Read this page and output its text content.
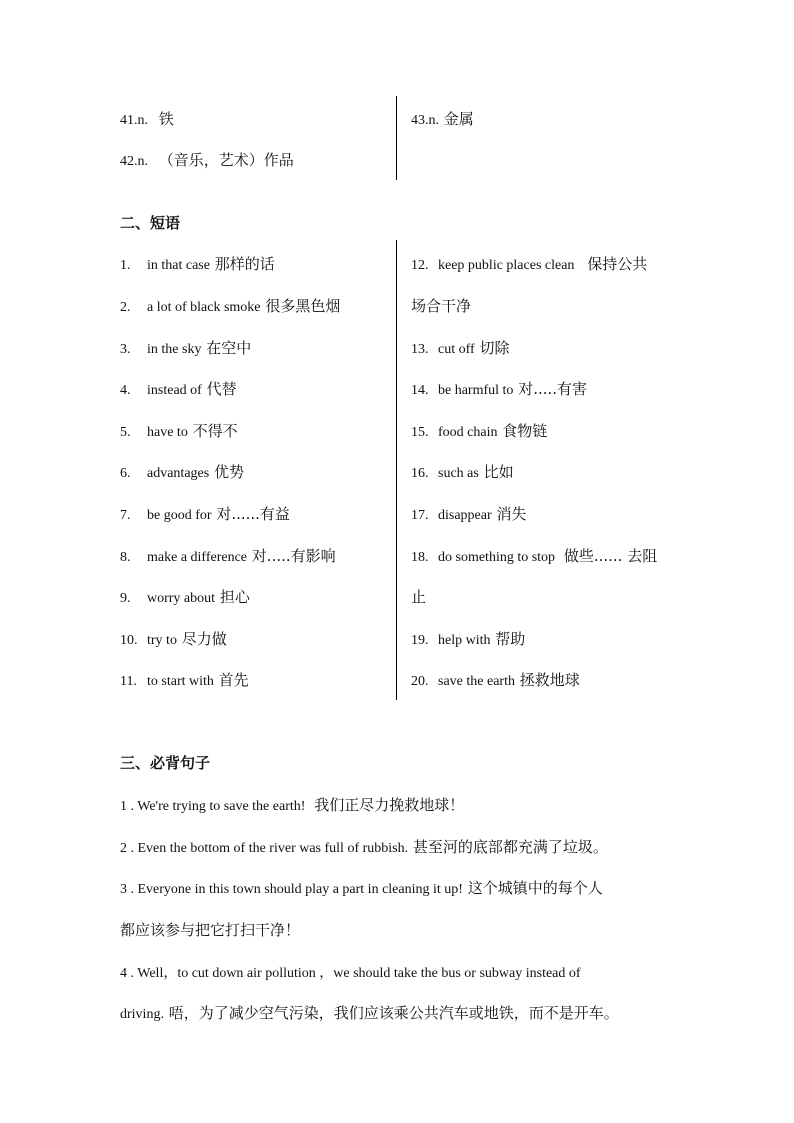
41.n. 铁
42.n. （音乐，艺术）作品
43.n. 金属
二、短语
1. in that case 那样的话
2. a lot of black smoke 很多黑色烟
3. in the sky 在空中
4. instead of 代替
5. have to 不得不
6. advantages 优势
7. be good for 对......有益
8. make a difference 对.....有影响
9. worry about 担心
10. try to 尽力做
11. to start with 首先
12. keep public places clean 保持公共
场合干净
13. cut off 切除
14. be harmful to 对.....有害
15. food chain 食物链
16. such as 比如
17. disappear 消失
18. do something to stop 做些...... 去阻
止
19. help with 帮助
20. save the earth 拯救地球
三、必背句子
1 . We're trying to save the earth! 我们正尽力挽救地球！
2 . Even the bottom of the river was full of rubbish. 甚至河的底部都充满了垃圾。
3 . Everyone in this town should play a part in cleaning it up! 这个城镇中的每个人
都应该参与把它打扫干净！
4 . Well，to cut down air pollution ，we should take the bus or subway instead of
driving. 唔，为了减少空气污染，我们应该乘公共汽车或地铁，而不是开车。
